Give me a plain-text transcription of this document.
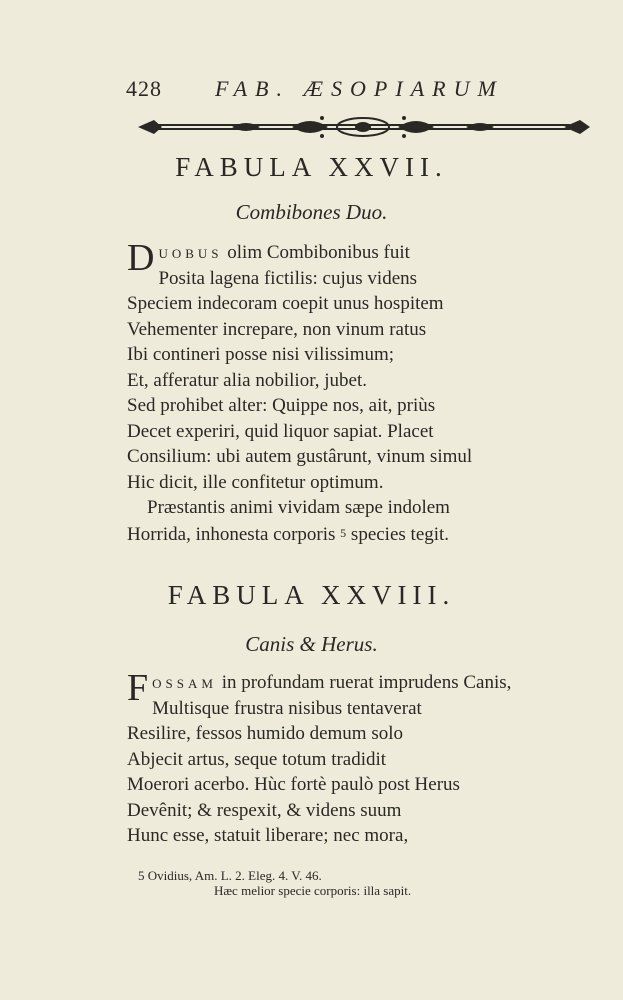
428 FAB. ÆSOPIARUM
FABULA XXVII.
Combibones Duo.
DUOBUS olim Combibonibus fuit
Posita lagena fictilis: cujus videns
Speciem indecoram coepit unus hospitem
Vehementer increpare, non vinum ratus
Ibi contineri posse nisi vilissimum;
Et, afferatur alia nobilior, jubet.
Sed prohibet alter: Quippe nos, ait, priùs
Decet experiri, quid liquor sapiat. Placet
Consilium: ubi autem gustârunt, vinum simul
Hic dicit, ille confitetur optimum.
Præstantis animi vividam sæpe indolem
Horrida, inhonesta corporis $^5$ species tegit.
FABULA XXVIII.
Canis & Herus.
FOSSAM in profundam ruerat imprudens Canis,
Multisque frustra nisibus tentaverat
Resilire, fessos humido demum solo
Abjecit artus, seque totum tradidit
Moerori acerbo. Hùc fortè paulò post Herus
Devênit; & respexit, & videns suum
Hunc esse, statuit liberare; nec mora,
5 Ovidius, Am. L. 2. Eleg. 4. V. 46.
Hæc melior specie corporis: illa sapit.
